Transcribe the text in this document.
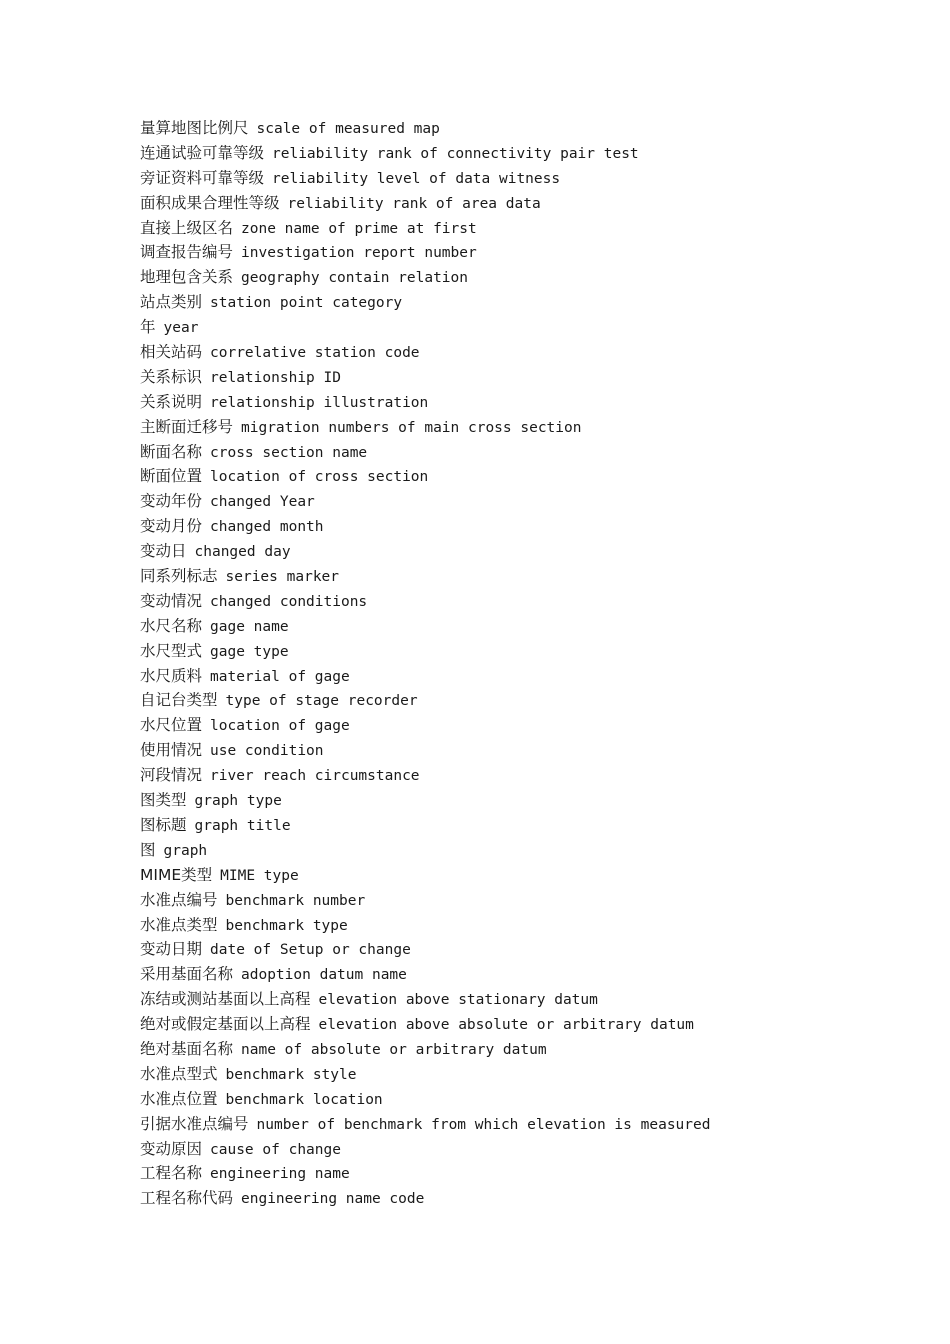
量算地图比例尺 scale of measured map
连通试验可靠等级 reliability rank of connectivity pair test
旁证资料可靠等级 reliability level of data witness
面积成果合理性等级 reliability rank of area data
直接上级区名 zone name of prime at first
调查报告编号 investigation report number
地理包含关系 geography contain relation
站点类别 station point category
年 year
相关站码 correlative station code
关系标识 relationship ID
关系说明 relationship illustration
主断面迁移号 migration numbers of main cross section
断面名称 cross section name
断面位置 location of cross section
变动年份 changed Year
变动月份 changed month
变动日 changed day
同系列标志 series marker
变动情况 changed conditions
水尺名称 gage name
水尺型式 gage type
水尺质料 material of gage
自记台类型 type of stage recorder
水尺位置 location of gage
使用情况 use condition
河段情况 river reach circumstance
图类型 graph type
图标题 graph title
图 graph
MIME类型 MIME type
水准点编号 benchmark number
水准点类型 benchmark type
变动日期 date of Setup or change
采用基面名称 adoption datum name
冻结或测站基面以上高程 elevation above stationary datum
绝对或假定基面以上高程 elevation above absolute or arbitrary datum
绝对基面名称 name of absolute or arbitrary datum
水准点型式 benchmark style
水准点位置 benchmark location
引据水准点编号 number of benchmark from which elevation is measured
变动原因 cause of change
工程名称 engineering name
工程名称代码 engineering name code
